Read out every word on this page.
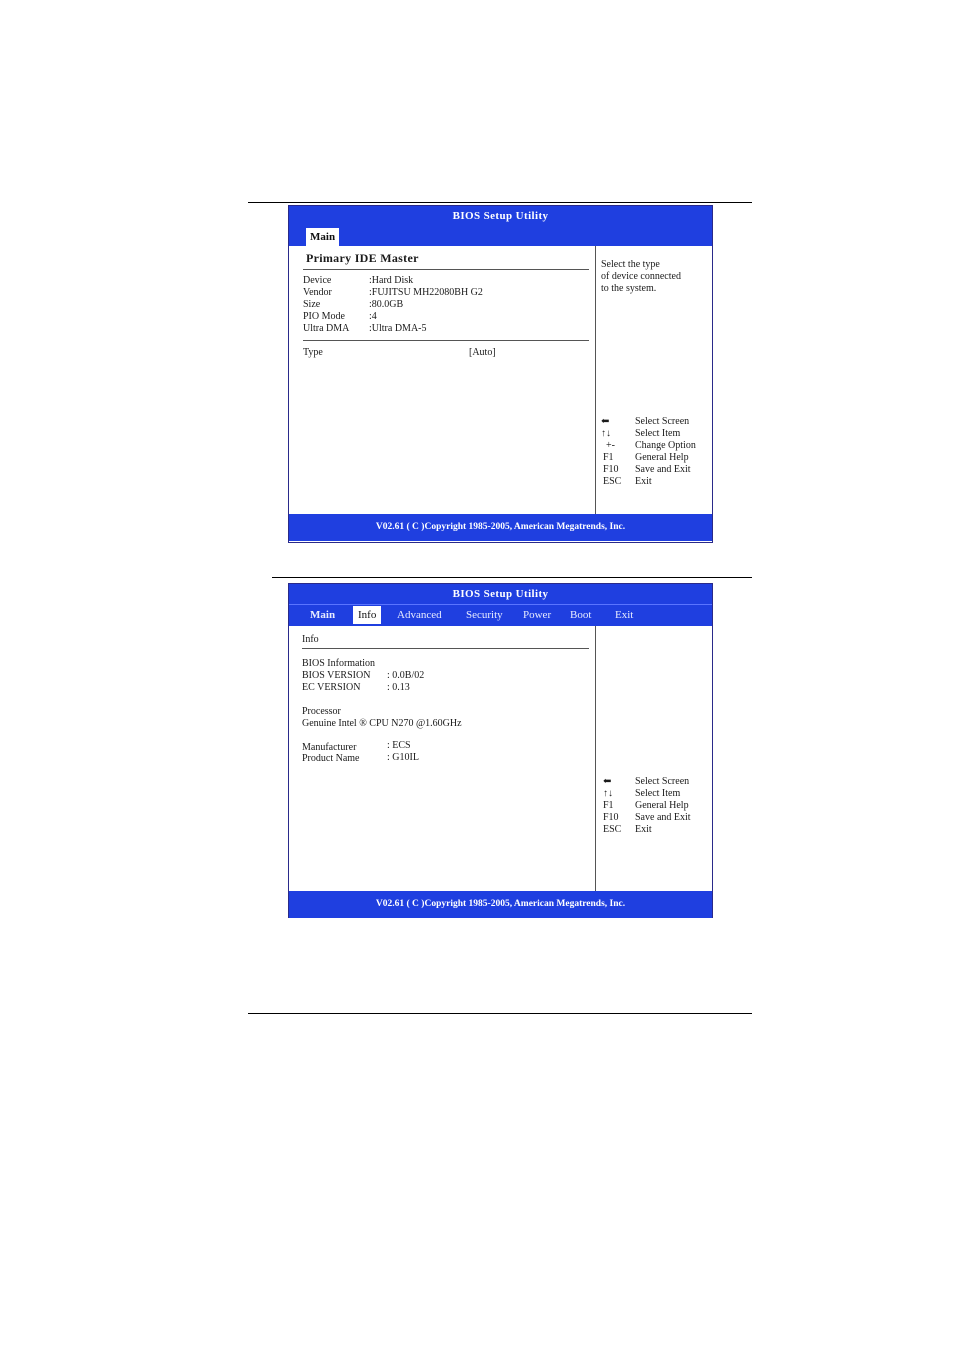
BIOS Setup Utility
Main
Primary IDE Master
Device	:Hard Disk
Vendor	:FUJITSU MH22080BH G2
Size	:80.0GB
PIO Mode :4
Ultra DMA :Ultra DMA-5
Type	[Auto]
Select the type
of device connected
to the system.
⬅	Select Screen
↑↓ Select Item
+- Change Option
F1 General Help
F10 Save and Exit
ESC Exit
V02.61 ( C )Copyright 1985-2005, American Megatrends, Inc.
BIOS Setup Utility
Main	Info	Advanced	Security	Power	Boot	Exit
Info
BIOS Information
BIOS VERSION : 0.0B/02
EC VERSION	: 0.13
Processor
Genuine Intel ® CPU N270 @1.60GHz
Manufacturer	: ECS
Product Name	: G10IL
⬅ Select Screen
↑↓ Select Item
F1 General Help
F10 Save and Exit
ESC Exit
V02.61 ( C )Copyright 1985-2005, American Megatrends, Inc.
